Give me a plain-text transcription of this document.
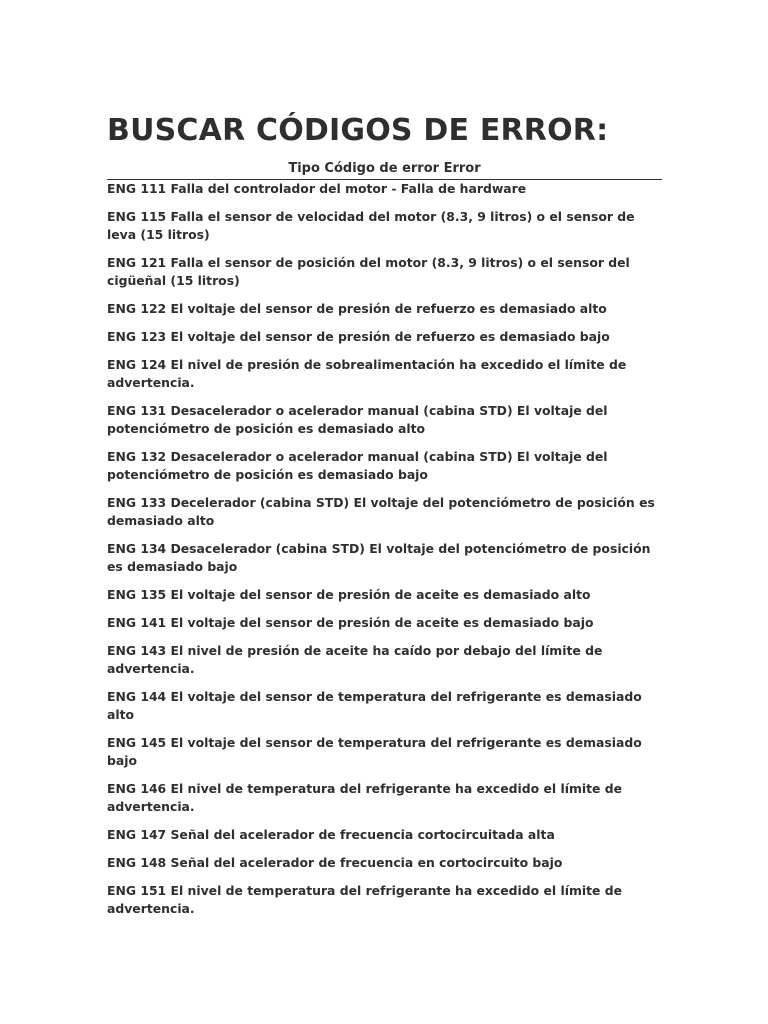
BUSCAR CÓDIGOS DE ERROR:
Tipo Código de error Error
ENG 111 Falla del controlador del motor - Falla de hardware
ENG 115 Falla el sensor de velocidad del motor (8.3, 9 litros) o el sensor de leva (15 litros)
ENG 121 Falla el sensor de posición del motor (8.3, 9 litros) o el sensor del cigüeñal (15 litros)
ENG 122 El voltaje del sensor de presión de refuerzo es demasiado alto
ENG 123 El voltaje del sensor de presión de refuerzo es demasiado bajo
ENG 124 El nivel de presión de sobrealimentación ha excedido el límite de advertencia.
ENG 131 Desacelerador o acelerador manual (cabina STD) El voltaje del potenciómetro de posición es demasiado alto
ENG 132 Desacelerador o acelerador manual (cabina STD) El voltaje del potenciómetro de posición es demasiado bajo
ENG 133 Decelerador (cabina STD) El voltaje del potenciómetro de posición es demasiado alto
ENG 134 Desacelerador (cabina STD) El voltaje del potenciómetro de posición es demasiado bajo
ENG 135 El voltaje del sensor de presión de aceite es demasiado alto
ENG 141 El voltaje del sensor de presión de aceite es demasiado bajo
ENG 143 El nivel de presión de aceite ha caído por debajo del límite de advertencia.
ENG 144 El voltaje del sensor de temperatura del refrigerante es demasiado alto
ENG 145 El voltaje del sensor de temperatura del refrigerante es demasiado bajo
ENG 146 El nivel de temperatura del refrigerante ha excedido el límite de advertencia.
ENG 147 Señal del acelerador de frecuencia cortocircuitada alta
ENG 148 Señal del acelerador de frecuencia en cortocircuito bajo
ENG 151 El nivel de temperatura del refrigerante ha excedido el límite de advertencia.
